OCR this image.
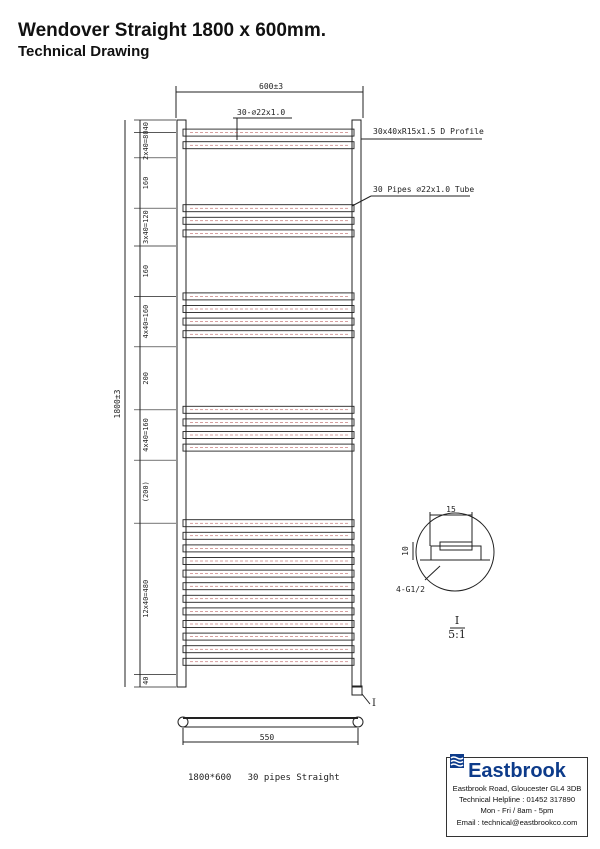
Wendover Straight 1800 x 600mm.
Technical Drawing
600±3
30-⌀22x1.0
30x40xR15x1.5 D Profile
30 Pipes ⌀22x1.0 Tube
1800±3
550
I
15
10
4-G1/2
I
5:1
1800*600   30 pipes Straight
40
2x40=80
160
3x40=120
160
4x40=160
200
4x40=160
(200)
12x40=480
40
Eastbrook
Eastbrook Road, Gloucester GL4 3DB
Technical Helpline : 01452 317890
Mon - Fri / 8am - 5pm
Email : technical@eastbrookco.com
